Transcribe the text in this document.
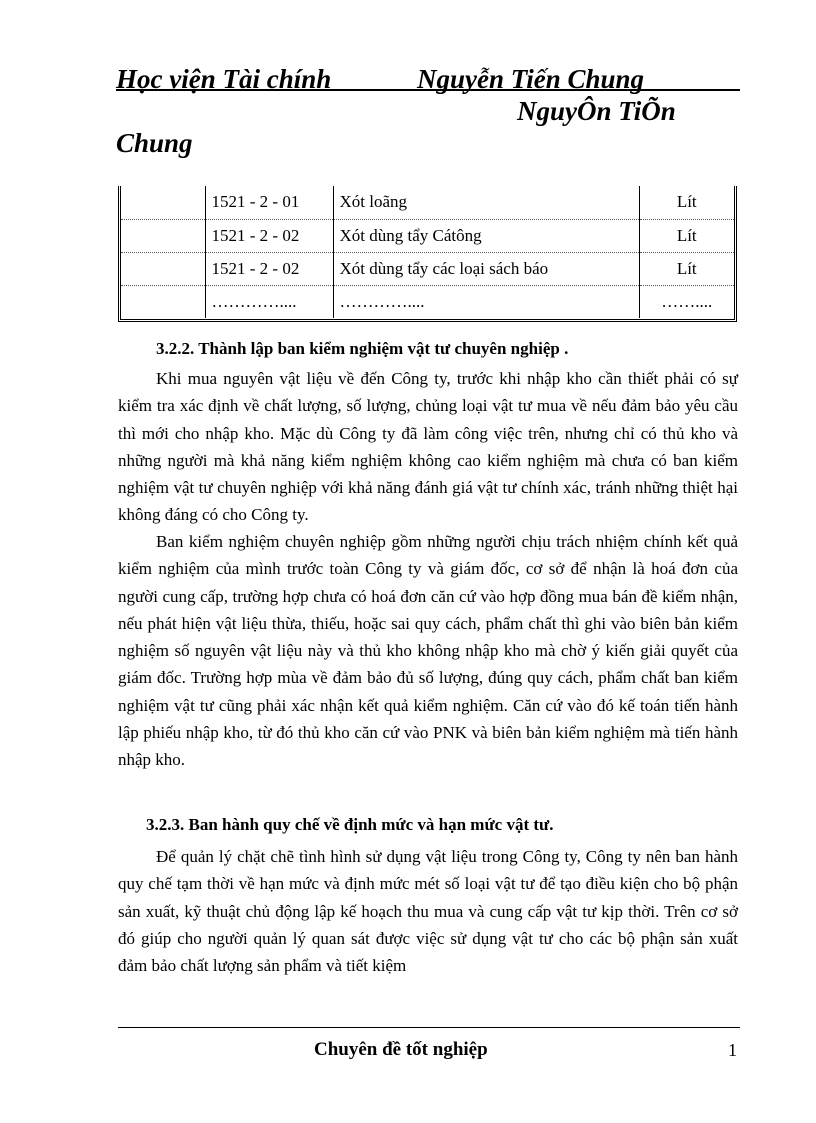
Học viện Tài chính	Nguyễn Tiến Chung
NguyÔn TiÕn
Chung
	1521 - 2 - 01	Xót loãng	Lít
	1521 - 2 - 02	Xót dùng tẩy Cátông	Lít
	1521 - 2 - 02	Xót dùng tẩy các loại sách báo	Lít
	…………....	…………....	……....
3.2.2. Thành lập ban kiểm nghiệm vật tư chuyên nghiệp .

Khi mua nguyên vật liệu về đến Công ty, trước khi nhập kho cần thiết phải có sự kiểm tra xác định về chất lượng, số lượng, chủng loại vật tư mua về nếu đảm bảo yêu cầu thì mới cho nhập kho. Mặc dù Công ty đã làm công việc trên, nhưng chỉ có thủ kho và những người mà khả năng kiểm nghiệm không cao kiểm nghiệm mà chưa có ban kiểm nghiệm vật tư chuyên nghiệp với khả năng đánh giá vật tư chính xác, tránh những thiệt hại không đáng có cho Công ty.

Ban kiểm nghiệm chuyên nghiệp gồm những người chịu trách nhiệm chính kết quả kiểm nghiệm của mình trước toàn Công ty và giám đốc, cơ sở để nhận là hoá đơn của người cung cấp, trường hợp chưa có hoá đơn căn cứ vào hợp đồng mua bán đề kiểm nhận, nếu phát hiện vật liệu thừa, thiếu, hoặc sai quy cách, phẩm chất thì ghi vào biên bản kiểm nghiệm số nguyên vật liệu này và thủ kho không nhập kho mà chờ ý kiến giải quyết của giám đốc. Trường hợp mùa về đảm bảo đủ số lượng, đúng quy cách, phẩm chất ban kiểm nghiệm vật tư cũng phải xác nhận kết quả kiểm nghiệm. Căn cứ vào đó kế toán tiến hành lập phiếu nhập kho, từ đó thủ kho căn cứ vào PNK và biên bản kiểm nghiệm mà tiến hành nhập kho.

3.2.3. Ban hành quy chế về định mức và hạn mức vật tư.

Để quản lý chặt chẽ tình hình sử dụng vật liệu trong Công ty, Công ty nên ban hành quy chế tạm thời về hạn mức và định mức mét số loại vật tư để tạo điều kiện cho bộ phận sản xuất, kỹ thuật chủ động lập kế hoạch thu mua và cung cấp vật tư kịp thời. Trên cơ sở đó giúp cho người quản lý quan sát được việc sử dụng vật tư cho các bộ phận sản xuất đảm bảo chất lượng sản phẩm và tiết kiệm

Chuyên đề tốt nghiệp	1
